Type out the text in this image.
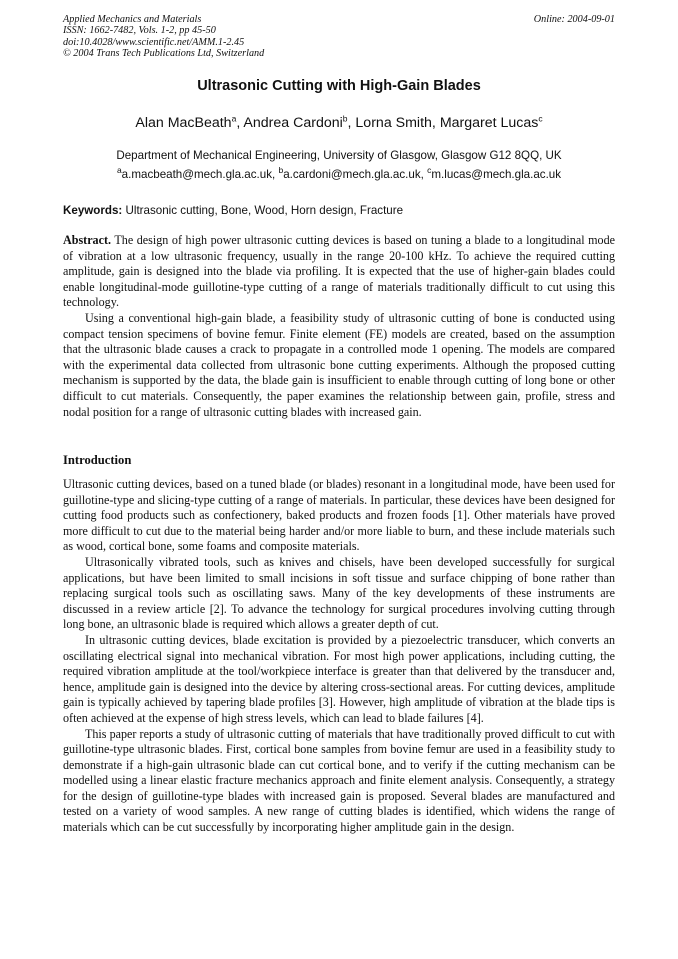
Applied Mechanics and Materials
ISSN: 1662-7482, Vols. 1-2, pp 45-50
doi:10.4028/www.scientific.net/AMM.1-2.45
© 2004 Trans Tech Publications Ltd, Switzerland
Online: 2004-09-01
Ultrasonic Cutting with High-Gain Blades
Alan MacBeath$^a$, Andrea Cardoni$^b$, Lorna Smith, Margaret Lucas$^c$
Department of Mechanical Engineering, University of Glasgow, Glasgow G12 8QQ, UK
$^a$a.macbeath@mech.gla.ac.uk, $^b$a.cardoni@mech.gla.ac.uk, $^c$m.lucas@mech.gla.ac.uk
Keywords: Ultrasonic cutting, Bone, Wood, Horn design, Fracture

Abstract. The design of high power ultrasonic cutting devices is based on tuning a blade to a longitudinal mode of vibration at a low ultrasonic frequency, usually in the range 20-100 kHz. To achieve the required cutting amplitude, gain is designed into the blade via profiling. It is expected that the use of higher-gain blades could enable longitudinal-mode guillotine-type cutting of a range of materials traditionally difficult to cut using this technology.

Using a conventional high-gain blade, a feasibility study of ultrasonic cutting of bone is conducted using compact tension specimens of bovine femur. Finite element (FE) models are created, based on the assumption that the ultrasonic blade causes a crack to propagate in a controlled mode 1 opening. The models are compared with the experimental data collected from ultrasonic bone cutting experiments. Although the proposed cutting mechanism is supported by the data, the blade gain is insufficient to enable through cutting of long bone or other difficult to cut materials. Consequently, the paper examines the relationship between gain, profile, stress and nodal position for a range of ultrasonic cutting blades with increased gain.

Introduction

Ultrasonic cutting devices, based on a tuned blade (or blades) resonant in a longitudinal mode, have been used for guillotine-type and slicing-type cutting of a range of materials. In particular, these devices have been designed for cutting food products such as confectionery, baked products and frozen foods [1]. Other materials have proved more difficult to cut due to the material being harder and/or more liable to burn, and these include materials such as wood, cortical bone, some foams and composite materials.

Ultrasonically vibrated tools, such as knives and chisels, have been developed successfully for surgical applications, but have been limited to small incisions in soft tissue and surface chipping of bone rather than replacing surgical tools such as oscillating saws. Many of the key developments of these instruments are discussed in a review article [2]. To advance the technology for surgical procedures involving cutting through long bone, an ultrasonic blade is required which allows a greater depth of cut.

In ultrasonic cutting devices, blade excitation is provided by a piezoelectric transducer, which converts an oscillating electrical signal into mechanical vibration. For most high power applications, including cutting, the required vibration amplitude at the tool/workpiece interface is greater than that delivered by the transducer and, hence, amplitude gain is designed into the device by altering cross-sectional areas. For cutting devices, amplitude gain is typically achieved by tapering blade profiles [3]. However, high amplitude of vibration at the blade tips is often achieved at the expense of high stress levels, which can lead to blade failures [4].

This paper reports a study of ultrasonic cutting of materials that have traditionally proved difficult to cut with guillotine-type ultrasonic blades. First, cortical bone samples from bovine femur are used in a feasibility study to demonstrate if a high-gain ultrasonic blade can cut cortical bone, and to verify if the cutting mechanism can be modelled using a linear elastic fracture mechanics approach and finite element analysis. Consequently, a strategy for the design of guillotine-type blades with increased gain is proposed. Several blades are manufactured and tested on a variety of wood samples. A new range of cutting blades is identified, which widens the range of materials which can be cut successfully by incorporating higher amplitude gain in the design.
